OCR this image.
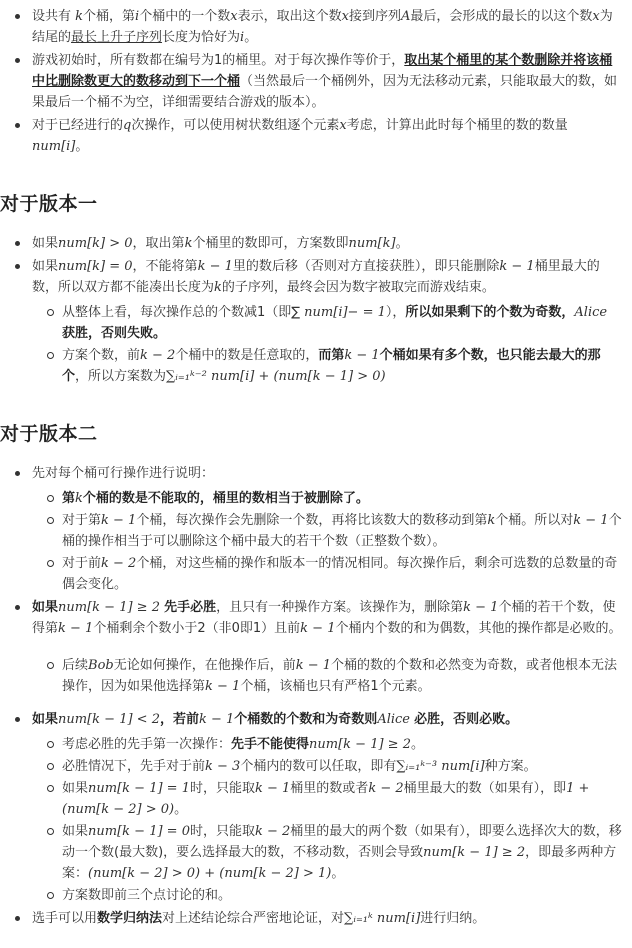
设共有 k个桶，第i个桶中的一个数x表示，取出这个数x接到序列A最后，会形成的最长的以这个数x为结尾的最长上升子序列长度为恰好为i。
游戏初始时，所有数都在编号为1的桶里。对于每次操作等价于，取出某个桶里的某个数删除并将该桶中比删除数更大的数移动到下一个桶（当然最后一个桶例外，因为无法移动元素，只能取最大的数，如果最后一个桶不为空，详细需要结合游戏的版本）。
对于已经进行的q次操作，可以使用树状数组逐个元素x考虑，计算出此时每个桶里的数的数量num[i]。
对于版本一
如果num[k] > 0，取出第k个桶里的数即可，方案数即num[k]。
如果num[k] = 0，不能将第k − 1里的数后移（否则对方直接获胜），即只能删除k − 1桶里最大的数，所以双方都不能凑出长度为k的子序列，最终会因为数字被取完而游戏结束。
从整体上看，每次操作总的个数减1（即∑ num[i]− = 1），所以如果剩下的个数为奇数，Alice 获胜，否则失败。
方案个数，前k − 2个桶中的数是任意取的，而第k − 1个桶如果有多个数，也只能去最大的那个，所以方案数为∑ᵢ₌₁ᵏ⁻² num[i] + (num[k − 1] > 0)
对于版本二
先对每个桶可行操作进行说明：
第k个桶的数是不能取的，桶里的数相当于被删除了。
对于第k − 1个桶，每次操作会先删除一个数，再将比该数大的数移动到第k个桶。所以对k − 1个桶的操作相当于可以删除这个桶中最大的若干个数（正整数个数）。
对于前k − 2个桶，对这些桶的操作和版本一的情况相同。每次操作后，剩余可选数的总数量的奇偶会变化。
如果num[k − 1] ≥ 2 先手必胜，且只有一种操作方案。该操作为，删除第k − 1个桶的若干个数，使得第k − 1个桶剩余个数小于2（非0即1）且前k − 1个桶内个数的和为偶数，其他的操作都是必败的。
后续Bob无论如何操作，在他操作后，前k − 1个桶的数的个数和必然变为奇数，或者他根本无法操作，因为如果他选择第k − 1个桶，该桶也只有严格1个元素。
如果num[k − 1] < 2，若前k − 1个桶数的个数和为奇数则Alice 必胜，否则必败。
考虑必胜的先手第一次操作：先手不能使得num[k − 1] ≥ 2。
必胜情况下，先手对于前k − 3个桶内的数可以任取，即有∑ᵢ₌₁ᵏ⁻³ num[i]种方案。
如果num[k − 1] = 1时，只能取k − 1桶里的数或者k − 2桶里最大的数（如果有），即1 + (num[k − 2] > 0)。
如果num[k − 1] = 0时，只能取k − 2桶里的最大的两个数（如果有），即要么选择次大的数，移动一个数(最大数)，要么选择最大的数，不移动数，否则会导致num[k − 1] ≥ 2，即最多两种方案：(num[k − 2] > 0) + (num[k − 2] > 1)。
方案数即前三个点讨论的和。
选手可以用数学归纳法对上述结论综合严密地论证，对∑ᵢ₌₁ᵏ num[i]进行归纳。
